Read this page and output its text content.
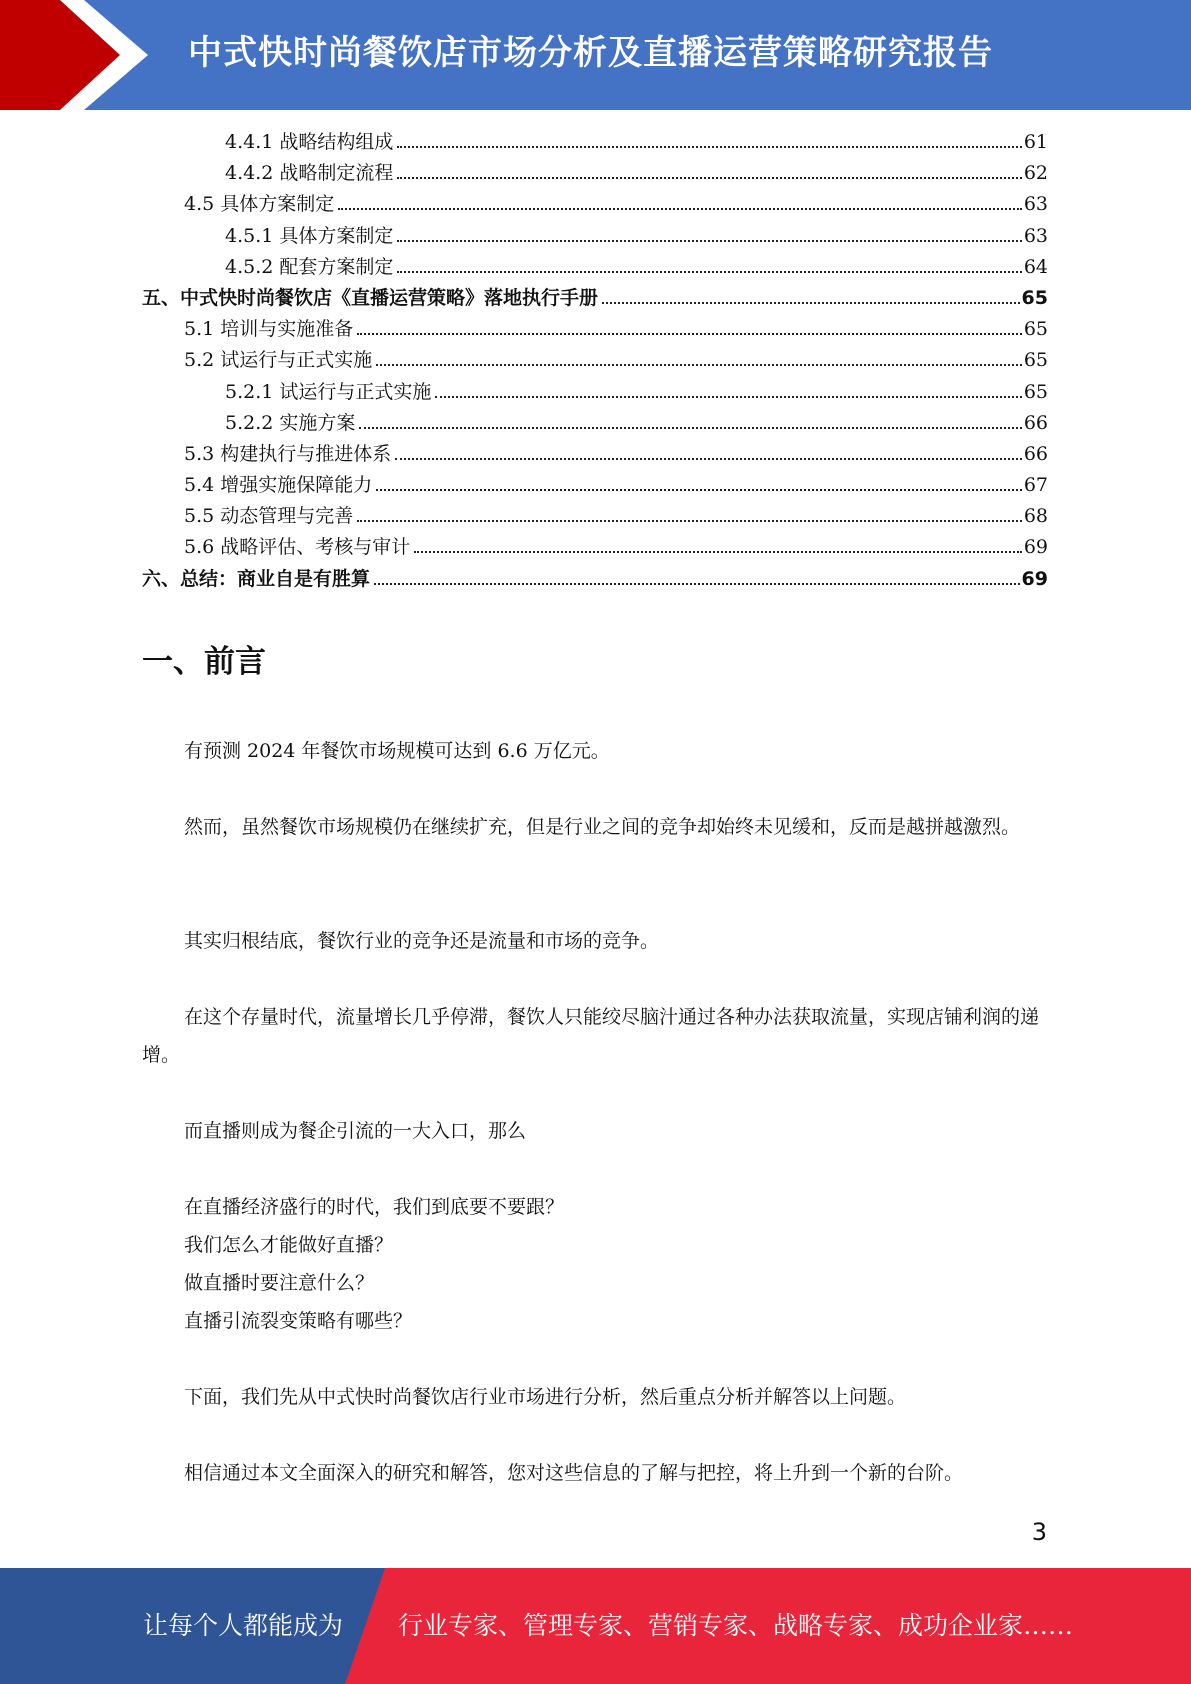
中式快时尚餐饮店市场分析及直播运营策略研究报告
4.4.1 战略结构组成	61
4.4.2 战略制定流程	62
4.5 具体方案制定	63
4.5.1 具体方案制定	63
4.5.2 配套方案制定	64
五、中式快时尚餐饮店《直播运营策略》落地执行手册	65
5.1 培训与实施准备	65
5.2 试运行与正式实施	65
5.2.1 试运行与正式实施	65
5.2.2 实施方案	66
5.3 构建执行与推进体系	66
5.4 增强实施保障能力	67
5.5 动态管理与完善	68
5.6 战略评估、考核与审计	69
六、总结：商业自是有胜算	69
一、前言

有预测 2024 年餐饮市场规模可达到 6.6 万亿元。

然而，虽然餐饮市场规模仍在继续扩充，但是行业之间的竞争却始终未见缓和，反而是越拼越激烈。

其实归根结底，餐饮行业的竞争还是流量和市场的竞争。

在这个存量时代，流量增长几乎停滞，餐饮人只能绞尽脑汁通过各种办法获取流量，实现店铺利润的递增。

而直播则成为餐企引流的一大入口，那么

在直播经济盛行的时代，我们到底要不要跟？

我们怎么才能做好直播？

做直播时要注意什么？

直播引流裂变策略有哪些？

下面，我们先从中式快时尚餐饮店行业市场进行分析，然后重点分析并解答以上问题。

相信通过本文全面深入的研究和解答，您对这些信息的了解与把控，将上升到一个新的台阶。

3
让每个人都能成为 行业专家、管理专家、营销专家、战略专家、成功企业家……
